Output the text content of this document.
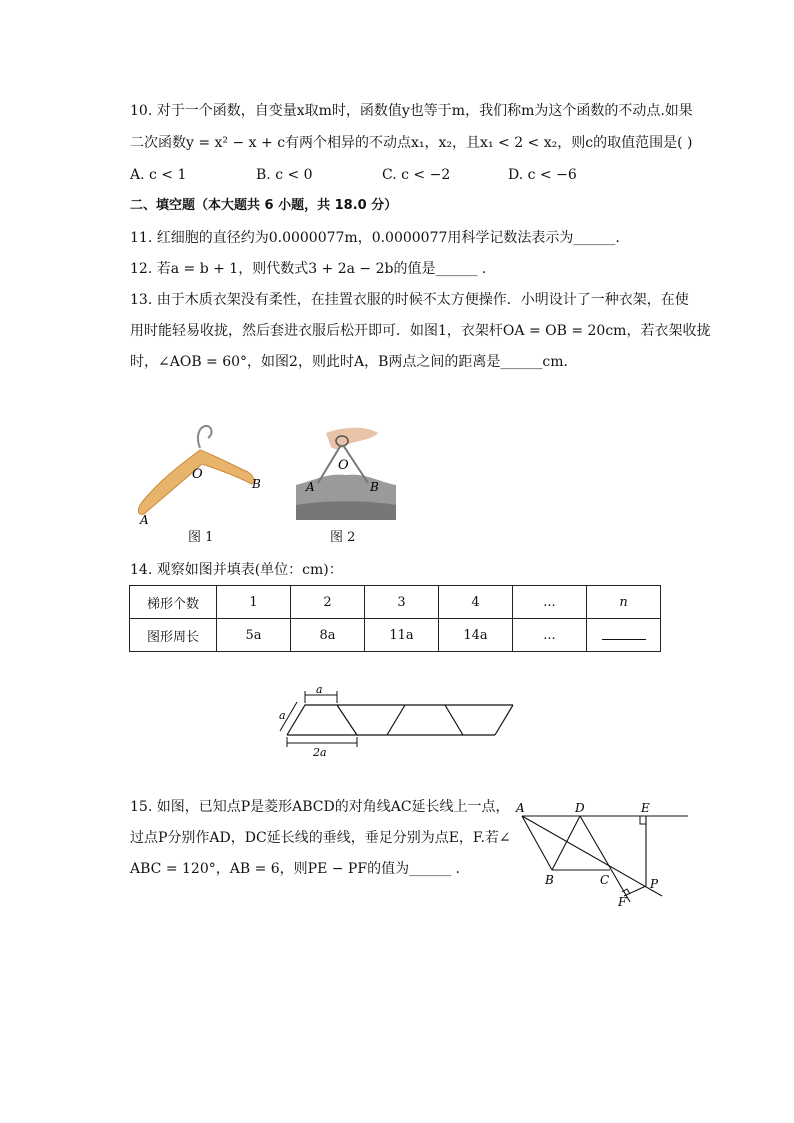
10. 对于一个函数，自变量x取m时，函数值y也等于m，我们称m为这个函数的不动点.如果
二次函数y = x² − x + c有两个相异的不动点x₁，x₂，且x₁ < 2 < x₂，则c的取值范围是( )
A. c < 1	B. c < 0	C. c < −2	D. c < −6
二、填空题（本大题共 6 小题，共 18.0 分）
11. 红细胞的直径约为0.0000077m，0.0000077用科学记数法表示为______.
12. 若a = b + 1，则代数式3 + 2a − 2b的值是______ .
13. 由于木质衣架没有柔性，在挂置衣服的时候不太方便操作．小明设计了一种衣架，在使
用时能轻易收拢，然后套进衣服后松开即可．如图1，衣架杆OA = OB = 20cm，若衣架收拢
时，∠AOB = 60°，如图2，则此时A，B两点之间的距离是______cm．
O
B
A
图 1
O
A	B
图 2
14. 观察如图并填表(单位：cm)：
梯形个数	1	2	3	4	...	n
图形周长	5a	8a	11a	14a	...	
a
a
2a
15. 如图，已知点P是菱形ABCD的对角线AC延长线上一点，
过点P分别作AD，DC延长线的垂线，垂足分别为点E，F.若∠
ABC = 120°，AB = 6，则PE − PF的值为______ .
A	D	E
B	C	P
F
